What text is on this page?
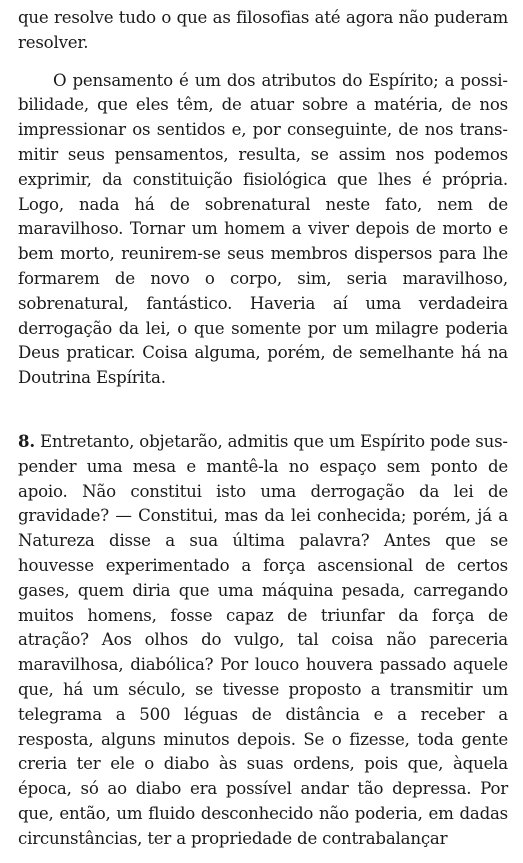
que resolve tudo o que as filosofias até agora não puderam resolver.

O pensamento é um dos atributos do Espírito; a possibilidade, que eles têm, de atuar sobre a matéria, de nos impressionar os sentidos e, por conseguinte, de nos transmitir seus pensamentos, resulta, se assim nos podemos exprimir, da constituição fisiológica que lhes é própria. Logo, nada há de sobrenatural neste fato, nem de maravilhoso. Tornar um homem a viver depois de morto e bem morto, reunirem-se seus membros dispersos para lhe formarem de novo o corpo, sim, seria maravilhoso, sobrenatural, fantástico. Haveria aí uma verdadeira derrogação da lei, o que somente por um milagre poderia Deus praticar. Coisa alguma, porém, de semelhante há na Doutrina Espírita.

8. Entretanto, objetarão, admitis que um Espírito pode suspender uma mesa e mantê-la no espaço sem ponto de apoio. Não constitui isto uma derrogação da lei de gravidade? — Constitui, mas da lei conhecida; porém, já a Natureza disse a sua última palavra? Antes que se houvesse experimentado a força ascensional de certos gases, quem diria que uma máquina pesada, carregando muitos homens, fosse capaz de triunfar da força de atração? Aos olhos do vulgo, tal coisa não pareceria maravilhosa, diabólica? Por louco houvera passado aquele que, há um século, se tivesse proposto a transmitir um telegrama a 500 léguas de distância e a receber a resposta, alguns minutos depois. Se o fizesse, toda gente creria ter ele o diabo às suas ordens, pois que, àquela época, só ao diabo era possível andar tão depressa. Por que, então, um fluido desconhecido não poderia, em dadas circunstâncias, ter a propriedade de contrabalançar
